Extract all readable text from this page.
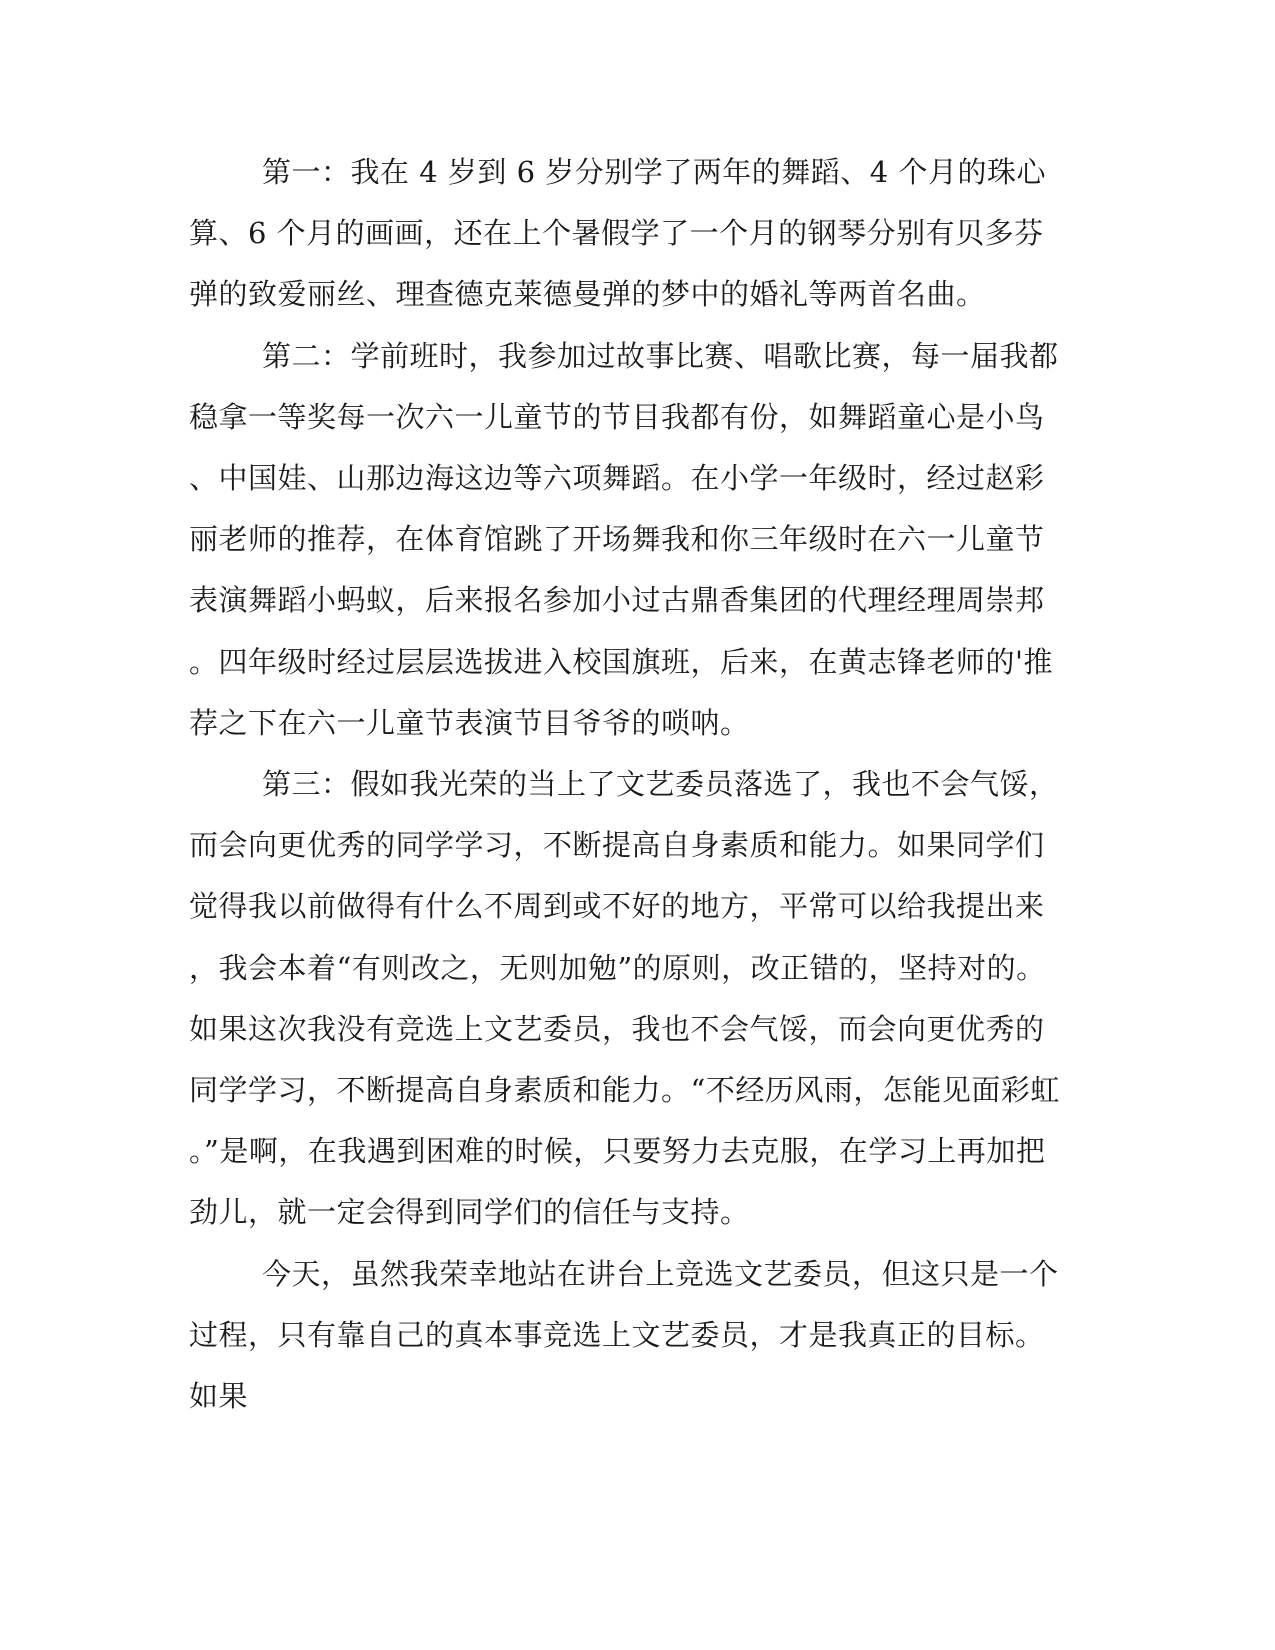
第一：我在 4 岁到 6 岁分别学了两年的舞蹈、4 个月的珠心算、6 个月的画画，还在上个暑假学了一个月的钢琴分别有贝多芬弹的致爱丽丝、理查德克莱德曼弹的梦中的婚礼等两首名曲。

第二：学前班时，我参加过故事比赛、唱歌比赛，每一届我都稳拿一等奖每一次六一儿童节的节目我都有份，如舞蹈童心是小鸟、中国娃、山那边海这边等六项舞蹈。在小学一年级时，经过赵彩丽老师的推荐，在体育馆跳了开场舞我和你三年级时在六一儿童节表演舞蹈小蚂蚁，后来报名参加小过古鼎香集团的代理经理周崇邦。四年级时经过层层选拔进入校国旗班，后来，在黄志锋老师的'推荐之下在六一儿童节表演节目爷爷的唢呐。

第三：假如我光荣的当上了文艺委员落选了，我也不会气馁，而会向更优秀的同学学习，不断提高自身素质和能力。如果同学们觉得我以前做得有什么不周到或不好的地方，平常可以给我提出来，我会本着“有则改之，无则加勉”的原则，改正错的，坚持对的。如果这次我没有竞选上文艺委员，我也不会气馁，而会向更优秀的同学学习，不断提高自身素质和能力。“不经历风雨，怎能见面彩虹。”是啊，在我遇到困难的时候，只要努力去克服，在学习上再加把劲儿，就一定会得到同学们的信任与支持。

今天，虽然我荣幸地站在讲台上竞选文艺委员，但这只是一个过程，只有靠自己的真本事竞选上文艺委员，才是我真正的目标。如果
